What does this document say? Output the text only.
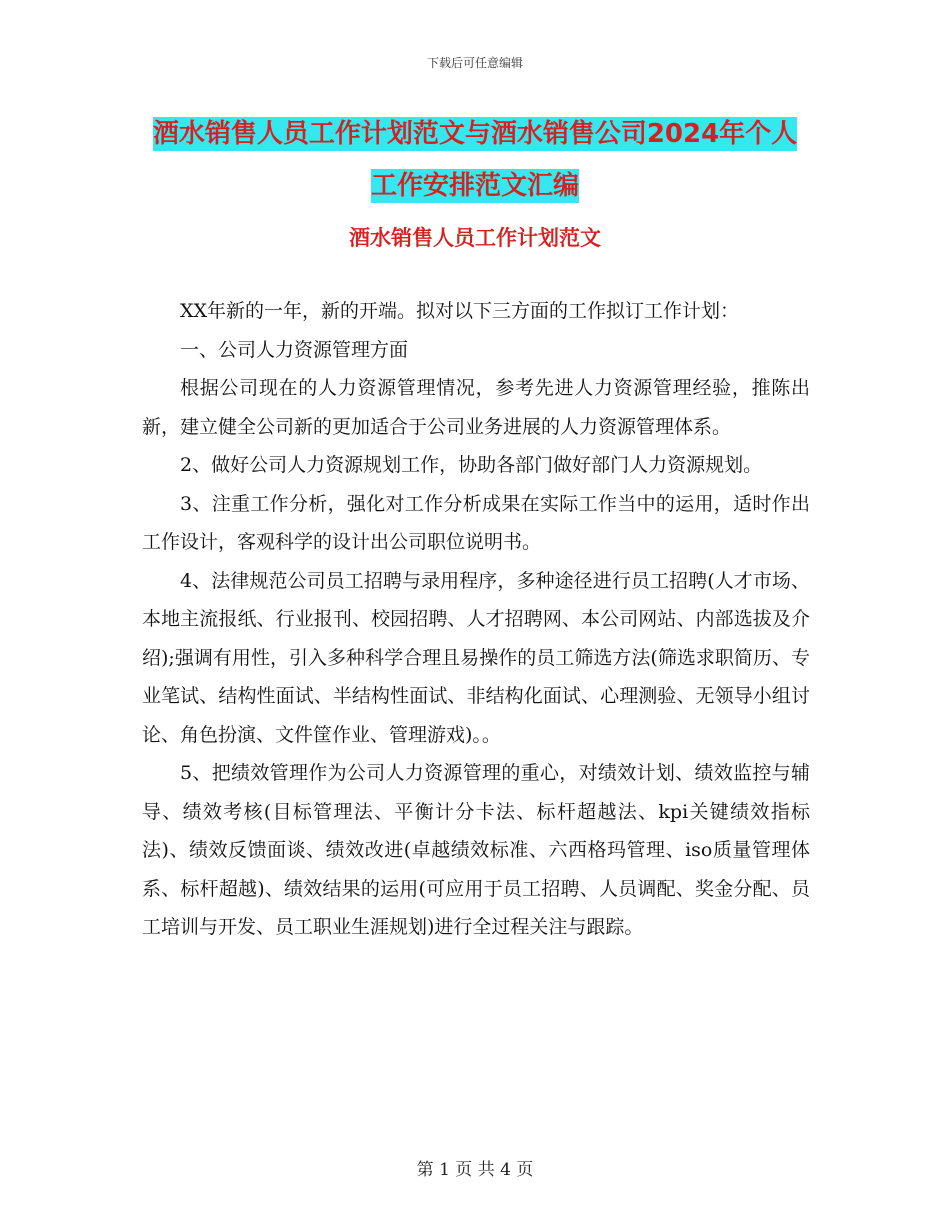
下载后可任意编辑
酒水销售人员工作计划范文与酒水销售公司2024年个人工作安排范文汇编
酒水销售人员工作计划范文

XX年新的一年，新的开端。拟对以下三方面的工作拟订工作计划：

一、公司人力资源管理方面

根据公司现在的人力资源管理情况，参考先进人力资源管理经验，推陈出新，建立健全公司新的更加适合于公司业务进展的人力资源管理体系。

2、做好公司人力资源规划工作，协助各部门做好部门人力资源规划。

3、注重工作分析，强化对工作分析成果在实际工作当中的运用，适时作出工作设计，客观科学的设计出公司职位说明书。

4、法律规范公司员工招聘与录用程序，多种途径进行员工招聘(人才市场、本地主流报纸、行业报刊、校园招聘、人才招聘网、本公司网站、内部选拔及介绍);强调有用性，引入多种科学合理且易操作的员工筛选方法(筛选求职简历、专业笔试、结构性面试、半结构性面试、非结构化面试、心理测验、无领导小组讨论、角色扮演、文件筐作业、管理游戏)。。

5、把绩效管理作为公司人力资源管理的重心，对绩效计划、绩效监控与辅导、绩效考核(目标管理法、平衡计分卡法、标杆超越法、kpi关键绩效指标法)、绩效反馈面谈、绩效改进(卓越绩效标准、六西格玛管理、iso质量管理体系、标杆超越)、绩效结果的运用(可应用于员工招聘、人员调配、奖金分配、员工培训与开发、员工职业生涯规划)进行全过程关注与跟踪。

第 1 页 共 4 页
